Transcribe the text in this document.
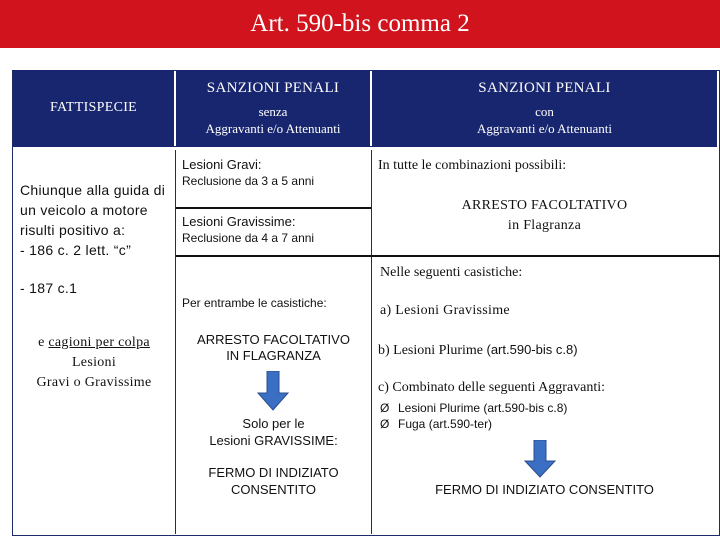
Art. 590-bis comma 2
FATTISPECIE
SANZIONI PENALI
senza
Aggravanti e/o Attenuanti
SANZIONI PENALI
con
Aggravanti e/o Attenuanti
Chiunque alla guida di
un veicolo a motore
risulti positivo a:
- 186 c. 2 lett. “c”
- 187 c.1
e cagioni per colpa
Lesioni
Gravi o Gravissime
Lesioni Gravi:
Reclusione da 3 a 5 anni
Lesioni Gravissime:
Reclusione da 4 a 7 anni
Per entrambe le casistiche:
ARRESTO FACOLTATIVO
IN FLAGRANZA
Solo per le
Lesioni GRAVISSIME:
FERMO DI INDIZIATO
CONSENTITO
In tutte le combinazioni possibili:
ARRESTO FACOLTATIVO
in Flagranza
Nelle seguenti casistiche:
a) Lesioni Gravissime
b) Lesioni Plurime (art.590-bis c.8)
c) Combinato delle seguenti Aggravanti:
Ø Lesioni Plurime (art.590-bis c.8)
Ø Fuga (art.590-ter)
FERMO DI INDIZIATO CONSENTITO
